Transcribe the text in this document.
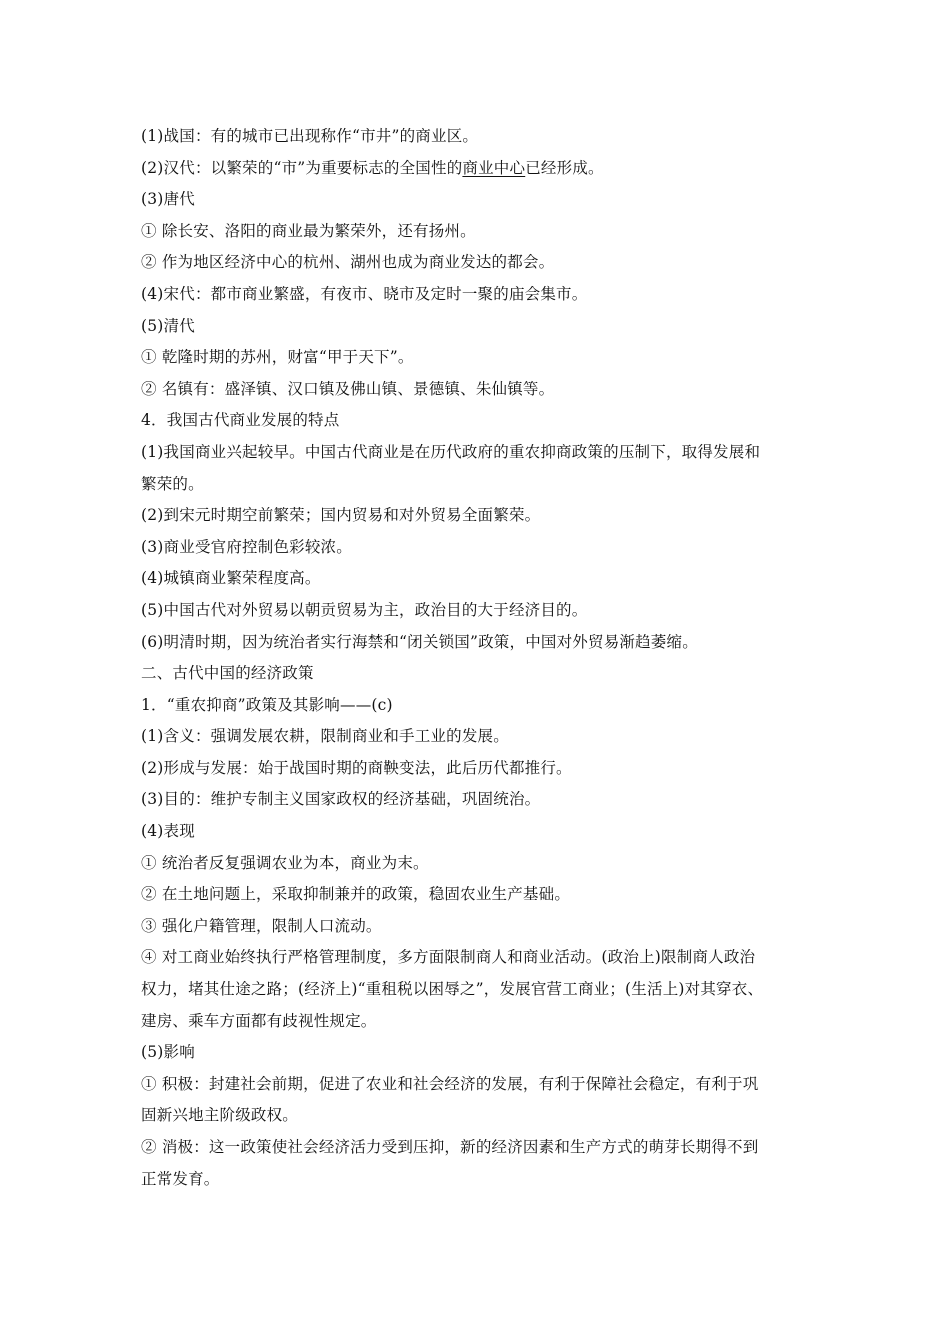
(1)战国：有的城市已出现称作“市井”的商业区。
(2)汉代：以繁荣的“市”为重要标志的全国性的商业中心已经形成。
(3)唐代
① 除长安、洛阳的商业最为繁荣外，还有扬州。
② 作为地区经济中心的杭州、湖州也成为商业发达的都会。
(4)宋代：都市商业繁盛，有夜市、晓市及定时一聚的庙会集市。
(5)清代
① 乾隆时期的苏州，财富“甲于天下”。
② 名镇有：盛泽镇、汉口镇及佛山镇、景德镇、朱仙镇等。
4．我国古代商业发展的特点
(1)我国商业兴起较早。中国古代商业是在历代政府的重农抑商政策的压制下，取得发展和
繁荣的。
(2)到宋元时期空前繁荣；国内贸易和对外贸易全面繁荣。
(3)商业受官府控制色彩较浓。
(4)城镇商业繁荣程度高。
(5)中国古代对外贸易以朝贡贸易为主，政治目的大于经济目的。
(6)明清时期，因为统治者实行海禁和“闭关锁国”政策，中国对外贸易渐趋萎缩。
二、古代中国的经济政策
1．“重农抑商”政策及其影响——(c)
(1)含义：强调发展农耕，限制商业和手工业的发展。
(2)形成与发展：始于战国时期的商鞅变法，此后历代都推行。
(3)目的：维护专制主义国家政权的经济基础，巩固统治。
(4)表现
① 统治者反复强调农业为本，商业为末。
② 在土地问题上，采取抑制兼并的政策，稳固农业生产基础。
③ 强化户籍管理，限制人口流动。
④ 对工商业始终执行严格管理制度，多方面限制商人和商业活动。(政治上)限制商人政治
权力，堵其仕途之路；(经济上)“重租税以困辱之”，发展官营工商业；(生活上)对其穿衣、
建房、乘车方面都有歧视性规定。
(5)影响
① 积极：封建社会前期，促进了农业和社会经济的发展，有利于保障社会稳定，有利于巩
固新兴地主阶级政权。
② 消极：这一政策使社会经济活力受到压抑，新的经济因素和生产方式的萌芽长期得不到
正常发育。
